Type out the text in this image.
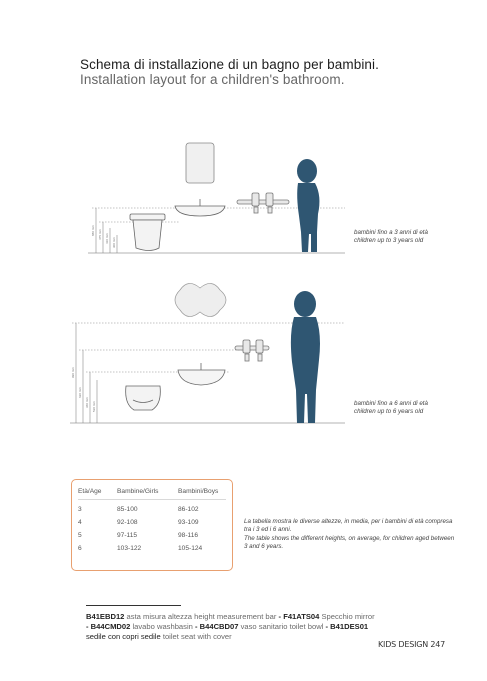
Schema di installazione di un bagno per bambini.
Installation layout for a children's bathroom.
880 mm 475 mm 410 mm 300 mm
990 mm
620 mm
360 mm 530 mm
bambini fino a 3 anni di età
children up to 3 years old
bambini fino a 6 anni di età
children up to 6 years old
Età/Age Bambine/Girls	Bambini/Boys
3	85-100	86-102
4	92-108	93-109
5	97-115	98-116
6	103-122	105-124
La tabella mostra le diverse altezze, in media, per i bambini di età compresa tra i 3 ed i 6 anni.
The table shows the different heights, on average, for children aged between 3 and 6 years.
B41EBD12 asta misura altezza height measurement bar - F41ATS04 Specchio mirror
- B44CMD02 lavabo washbasin - B44CBD07 vaso sanitario toilet bowl - B41DES01
sedile con copri sedile toilet seat with cover
KIDS DESIGN 247
